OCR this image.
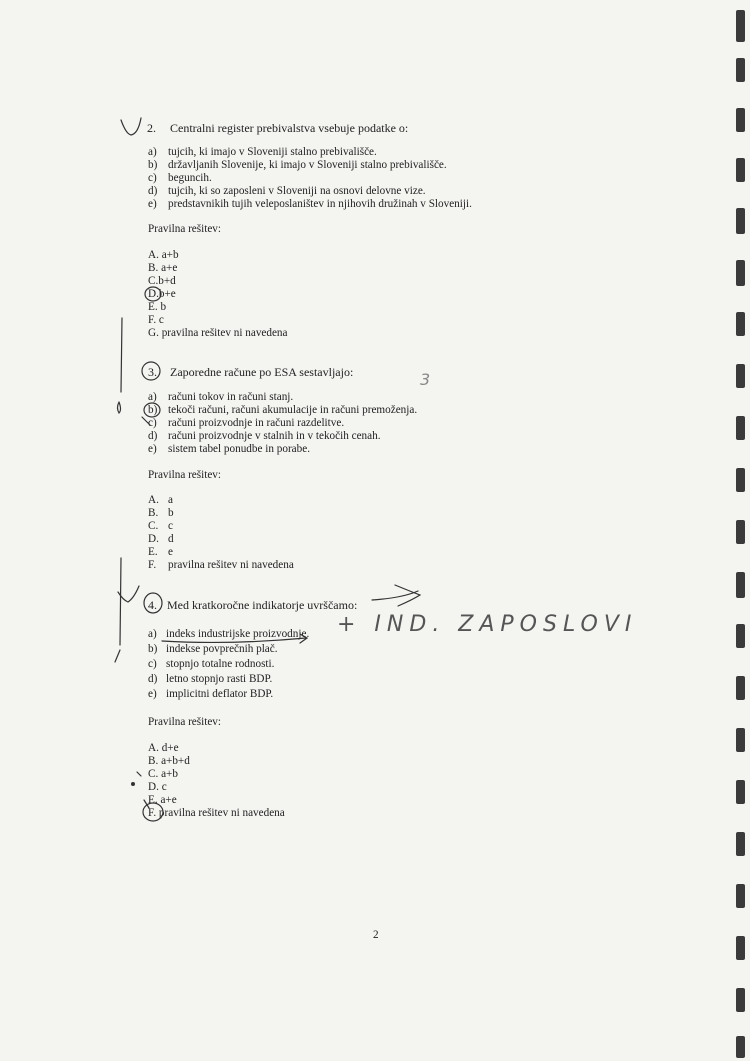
2. Centralni register prebivalstva vsebuje podatke o:
a) tujcih, ki imajo v Sloveniji stalno prebivališče.
b) državljanih Slovenije, ki imajo v Sloveniji stalno prebivališče.
c) beguncih.
d) tujcih, ki so zaposleni v Sloveniji na osnovi delovne vize.
e) predstavnikih tujih veleposlaništev in njihovih družinah v Sloveniji.
Pravilna rešitev:
A. a+b
B. a+e
C.b+d
D.b+e
E. b
F. c
G. pravilna rešitev ni navedena
3. Zaporedne račune po ESA sestavljajo:
a) računi tokov in računi stanj.
b) tekoči računi, računi akumulacije in računi premoženja.
c) računi proizvodnje in računi razdelitve.
d) računi proizvodnje v stalnih in v tekočih cenah.
e) sistem tabel ponudbe in porabe.
Pravilna rešitev:
A. a
B. b
C. c
D. d
E. e
F. pravilna rešitev ni navedena
4. Med kratkoročne indikatorje uvrščamo:
a) indeks industrijske proizvodnje.
b) indekse povprečnih plač.
c) stopnjo totalne rodnosti.
d) letno stopnjo rasti BDP.
e) implicitni deflator BDP.
Pravilna rešitev:
A. d+e
B. a+b+d
C. a+b
D. c
E. a+e
F. pravilna rešitev ni navedena
2
3
+ IND. ZAPOSLOVI
